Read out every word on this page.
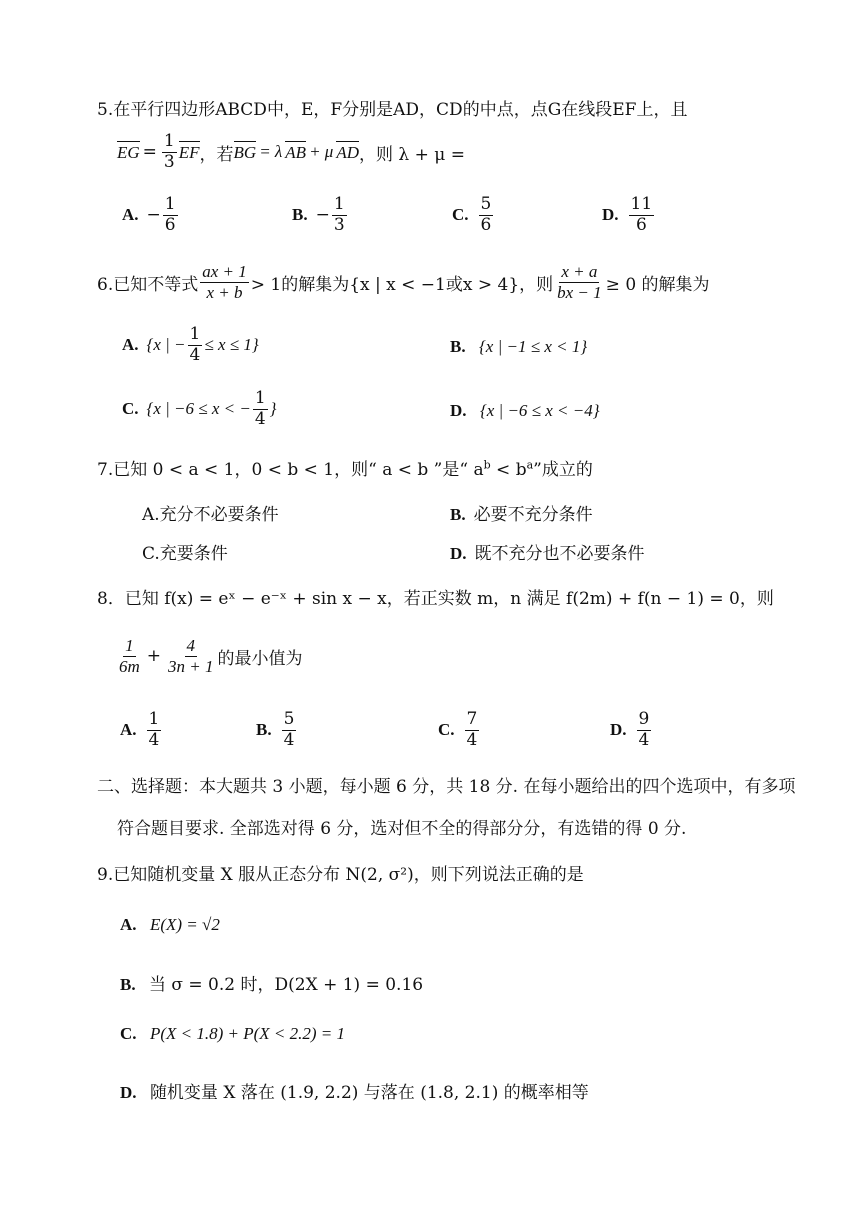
5.在平行四边形ABCD中，E，F分别是AD，CD的中点，点G在线段EF上，且
EG = $\frac{1}{3}$ EF ，若 BG = λ AB + μ AD ，则 λ + μ =
A. − $\frac{1}{6}$	B. − $\frac{1}{3}$	C. $\frac{5}{6}$	D. $\frac{11}{6}$
6.已知不等式 $\frac{ax + 1}{x + b} > 1$的解集为{x | x < −1或x > 4}，则 $\frac{x + a}{bx - 1} \ge 0$ 的解集为
A. {x | − $\frac{1}{4} \le x \le 1$}	B. {x | −1 ≤ x < 1}
C. {x | −6 ≤ x < − $\frac{1}{4}$ }	D. {x | −6 ≤ x < −4}
7.已知 0 < a < 1，0 < b < 1，则“ a < b ”是“ $a^b < b^a$”成立的
A.充分不必要条件	B. 必要不充分条件
C.充要条件	D. 既不充分也不必要条件
8．已知 f(x) = eˣ − e⁻ˣ + sin x − x，若正实数 m，n 满足 f(2m) + f(n − 1) = 0，则
$\frac{1}{6m} + \frac{4}{3n + 1}$ 的最小值为
A. $\frac{1}{4}$	B. $\frac{5}{4}$	C. $\frac{7}{4}$	D. $\frac{9}{4}$
二、选择题：本大题共 3 小题，每小题 6 分，共 18 分. 在每小题给出的四个选项中，有多项
符合题目要求. 全部选对得 6 分，选对但不全的得部分分，有选错的得 0 分.
9.已知随机变量 X 服从正态分布 N(2, σ²)，则下列说法正确的是
A. E(X) = √2
B. 当 σ = 0.2 时，D(2X + 1) = 0.16
C. P(X < 1.8) + P(X < 2.2) = 1
D. 随机变量 X 落在 (1.9, 2.2) 与落在 (1.8, 2.1) 的概率相等
